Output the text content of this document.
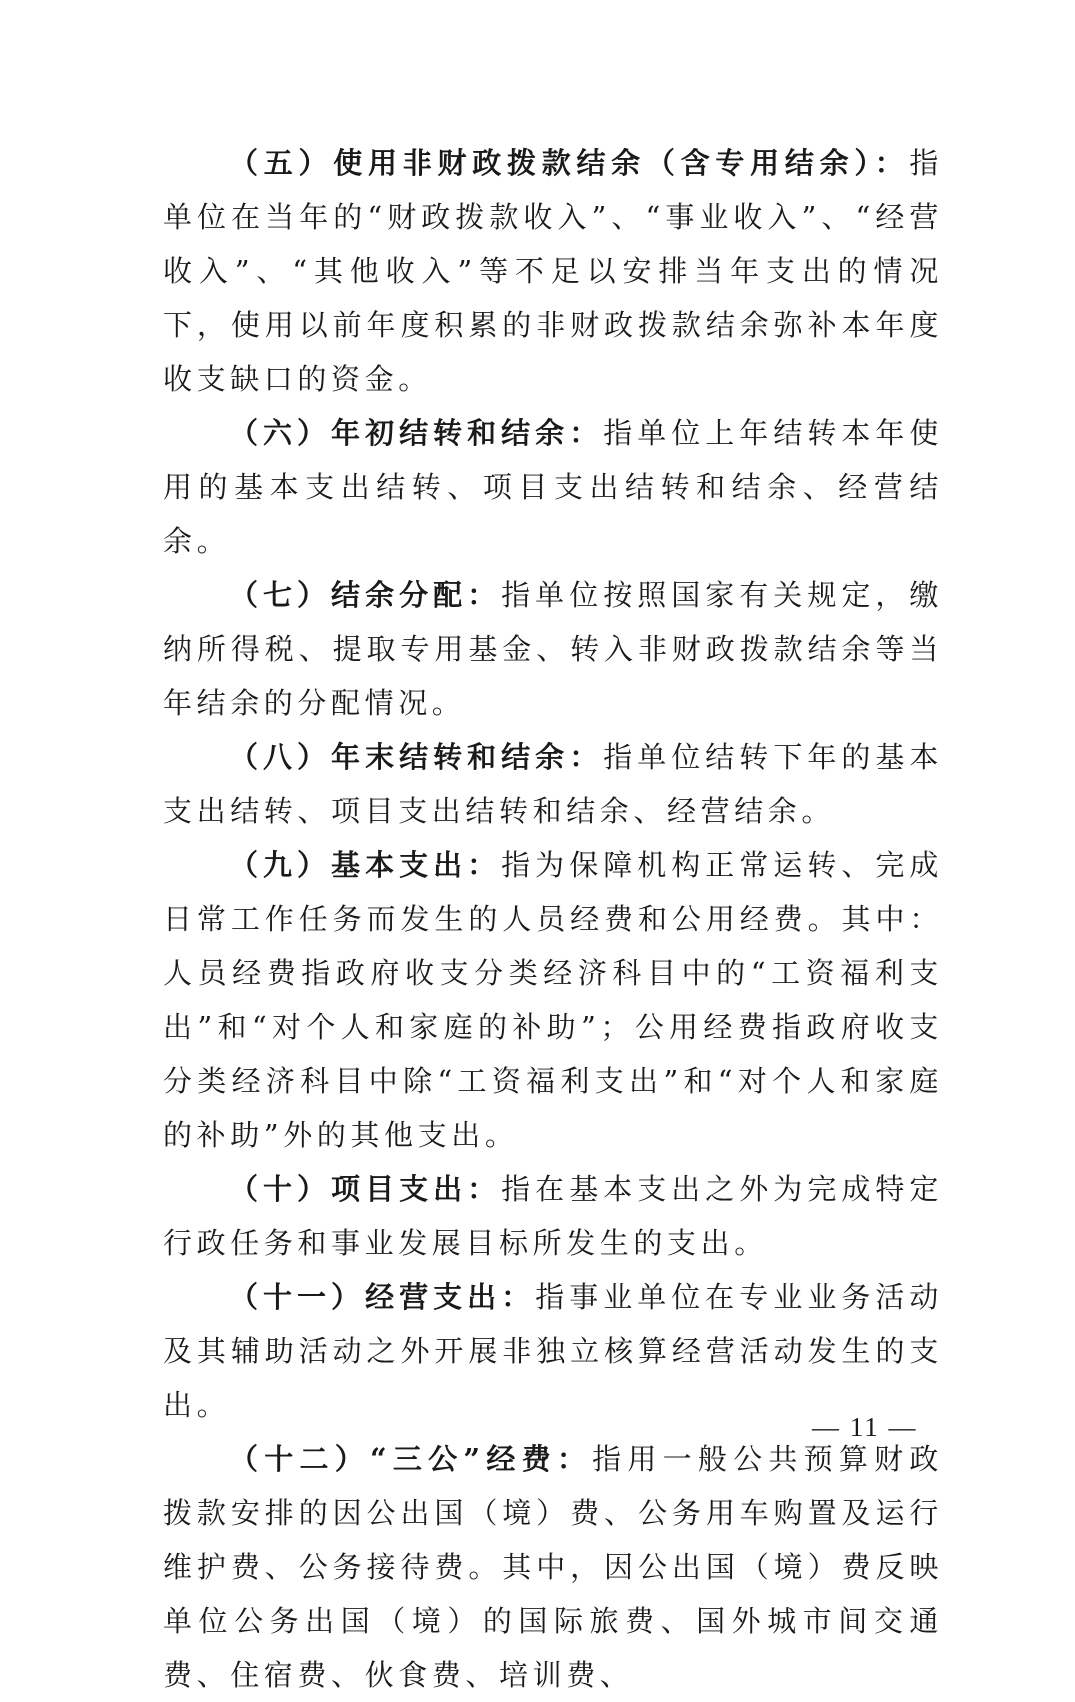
（五）使用非财政拨款结余（含专用结余）：指单位在当年的“财政拨款收入”、“事业收入”、“经营收入”、“其他收入”等不足以安排当年支出的情况下，使用以前年度积累的非财政拨款结余弥补本年度收支缺口的资金。

（六）年初结转和结余：指单位上年结转本年使用的基本支出结转、项目支出结转和结余、经营结余。

（七）结余分配：指单位按照国家有关规定，缴纳所得税、提取专用基金、转入非财政拨款结余等当年结余的分配情况。

（八）年末结转和结余：指单位结转下年的基本支出结转、项目支出结转和结余、经营结余。

（九）基本支出：指为保障机构正常运转、完成日常工作任务而发生的人员经费和公用经费。其中：人员经费指政府收支分类经济科目中的“工资福利支出”和“对个人和家庭的补助”；公用经费指政府收支分类经济科目中除“工资福利支出”和“对个人和家庭的补助”外的其他支出。

（十）项目支出：指在基本支出之外为完成特定行政任务和事业发展目标所发生的支出。

（十一）经营支出：指事业单位在专业业务活动及其辅助活动之外开展非独立核算经营活动发生的支出。

（十二）“三公”经费：指用一般公共预算财政拨款安排的因公出国（境）费、公务用车购置及运行维护费、公务接待费。其中，因公出国（境）费反映单位公务出国（境）的国际旅费、国外城市间交通费、住宿费、伙食费、培训费、

— 11 —
